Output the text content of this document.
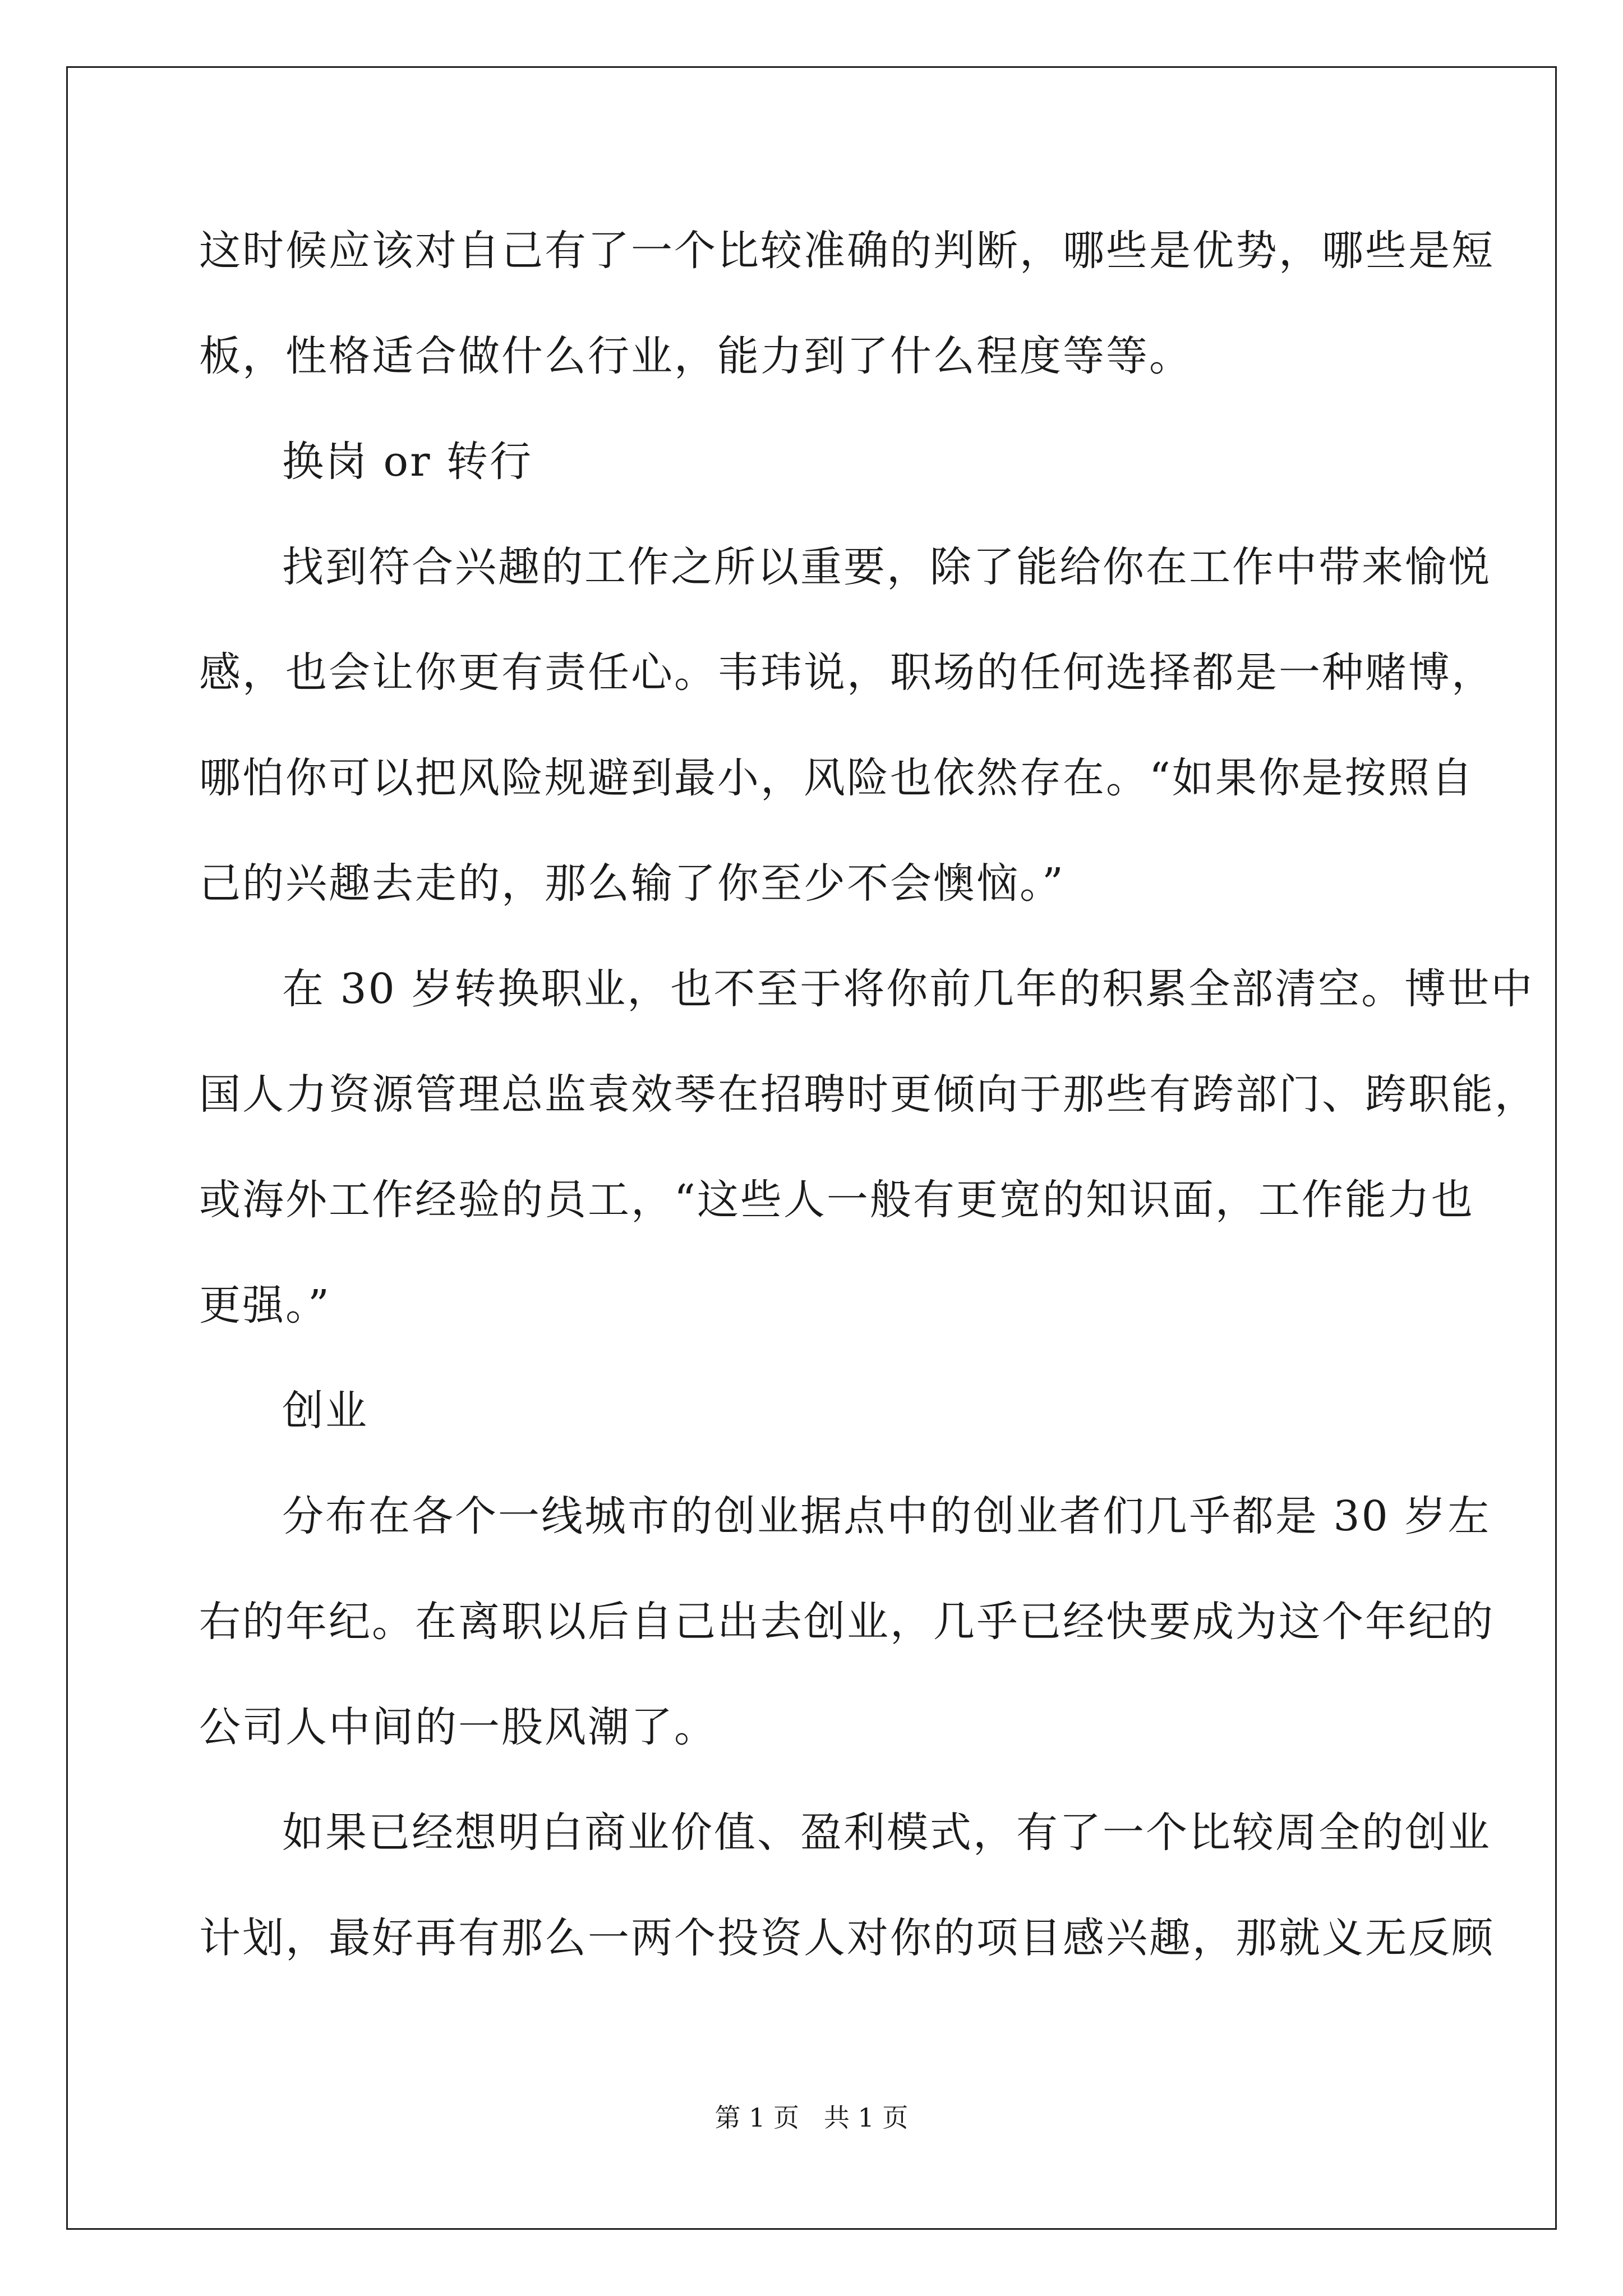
这时候应该对自己有了一个比较准确的判断，哪些是优势，哪些是短
板，性格适合做什么行业，能力到了什么程度等等。
换岗 or 转行
找到符合兴趣的工作之所以重要，除了能给你在工作中带来愉悦
感，也会让你更有责任心。韦玮说，职场的任何选择都是一种赌博，
哪怕你可以把风险规避到最小，风险也依然存在。“如果你是按照自
己的兴趣去走的，那么输了你至少不会懊恼。”
在 30 岁转换职业，也不至于将你前几年的积累全部清空。博世中
国人力资源管理总监袁效琴在招聘时更倾向于那些有跨部门、跨职能，
或海外工作经验的员工，“这些人一般有更宽的知识面，工作能力也
更强。”
创业
分布在各个一线城市的创业据点中的创业者们几乎都是 30 岁左
右的年纪。在离职以后自己出去创业，几乎已经快要成为这个年纪的
公司人中间的一股风潮了。
如果已经想明白商业价值、盈利模式，有了一个比较周全的创业
计划，最好再有那么一两个投资人对你的项目感兴趣，那就义无反顾
第 1 页   共 1 页
